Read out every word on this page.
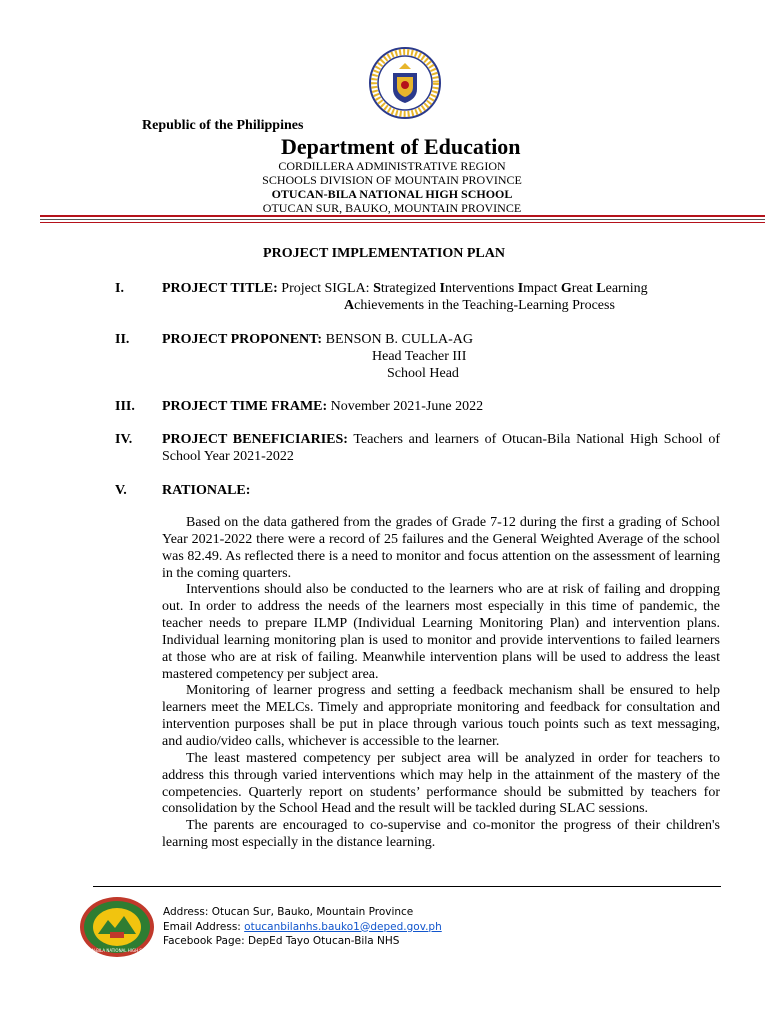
Republic of the Philippines
Department of Education
CORDILLERA ADMINISTRATIVE REGION
SCHOOLS DIVISION OF MOUNTAIN PROVINCE
OTUCAN-BILA NATIONAL HIGH SCHOOL
OTUCAN SUR, BAUKO, MOUNTAIN PROVINCE
PROJECT IMPLEMENTATION PLAN
I.	PROJECT TITLE: Project SIGLA: Strategized Interventions Impact Great Learning
Achievements in the Teaching-Learning Process
II. PROJECT PROPONENT: BENSON B. CULLA-AG
Head Teacher III
School Head
III. PROJECT TIME FRAME: November 2021-June 2022
IV. PROJECT BENEFICIARIES: Teachers and learners of Otucan-Bila National High School of School Year 2021-2022
V.	RATIONALE:

Based on the data gathered from the grades of Grade 7-12 during the first a grading of School Year 2021-2022 there were a record of 25 failures and the General Weighted Average of the school was 82.49. As reflected there is a need to monitor and focus attention on the assessment of learning in the coming quarters.

Interventions should also be conducted to the learners who are at risk of failing and dropping out. In order to address the needs of the learners most especially in this time of pandemic, the teacher needs to prepare ILMP (Individual Learning Monitoring Plan) and intervention plans. Individual learning monitoring plan is used to monitor and provide interventions to failed learners at those who are at risk of failing. Meanwhile intervention plans will be used to address the least mastered competency per subject area.

Monitoring of learner progress and setting a feedback mechanism shall be ensured to help learners meet the MELCs. Timely and appropriate monitoring and feedback for consultation and intervention purposes shall be put in place through various touch points such as text messaging, and audio/video calls, whichever is accessible to the learner.

The least mastered competency per subject area will be analyzed in order for teachers to address this through varied interventions which may help in the attainment of the mastery of the competencies. Quarterly report on students’ performance should be submitted by teachers for consolidation by the School Head and the result will be tackled during SLAC sessions.

The parents are encouraged to co-supervise and co-monitor the progress of their children's learning most especially in the distance learning.

OTUCAN-BILA NATIONAL HIGH SCHOOL
Address: Otucan Sur, Bauko, Mountain Province
Email Address: otucanbilanhs.bauko1@deped.gov.ph
Facebook Page: DepEd Tayo Otucan-Bila NHS
